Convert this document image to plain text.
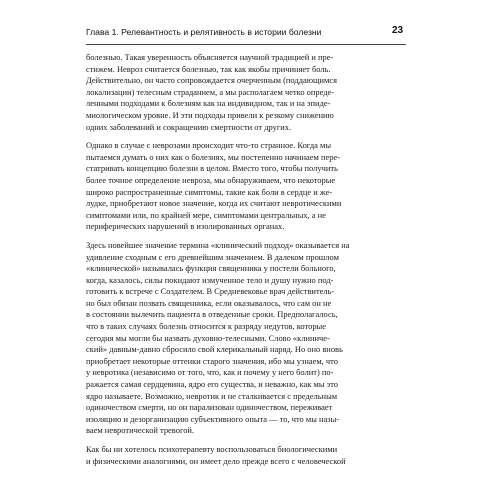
Глава 1. Релевантность и релятивность в истории болезни	23
болезнью. Такая уверенность объясняется научной традицией и пре-
стижем. Невроз считается болезнью, так как якобы причиняет боль.
Действительно, он часто сопровождается очерченным (поддающимся
локализации) телесным страданием, а мы располагаем четко опреде-
ленными подходами к болезням как на индивидном, так и на эпиде-
миологическом уровне. И эти подходы привели к резкому снижению
одних заболеваний и сокращению смертности от других.
Однако в случае с неврозами происходит что-то странное. Когда мы
пытаемся думать о них как о болезнях, мы постепенно начинаем пере-
статривать концепцию болезни в целом. Вместо того, чтобы получить
более точное определение невроза, мы обнаруживаем, что некоторые
широко распространенные симптомы, такие как боли в сердце и же-
лудке, приобретают новое значение, когда их считают невротическими
симптомами или, по крайней мере, симптомами центральных, а не
периферических нарушений в изолированных органах.
Здесь новейшее значение термина «клинический подход» оказывается на
удивление сходным с его древнейшим значением. В далеком прошлом
«клинической» называлась функция священника у постели больного,
когда, казалось, силы покидают измученное тело и душу нужно под-
готовить к встрече с Создателем. В Средневековье врач действитель-
но был обязан позвать священника, если оказывалось, что сам он не
в состоянии вылечить пациента в отведенные сроки. Предполагалось,
что в таких случаях болезнь относится к разряду недутов, которые
сегодня мы могли бы назвать духовно-телесными. Слово «клиниче-
ский» давным-давно сбросило свой клерикальный наряд. Но оно вновь
приобретает некоторые оттенки старого значения, ибо мы узнаем, что
у невротика (независимо от того, что, как и почему у него болит) по-
ражается самая сердцевина, ядро его существа, и неважно, как мы это
ядро называете. Возможно, невротик и не сталкивается с предельным
одиночеством смерти, но он парализован одиночеством, переживает
изоляцию и дезорганизацию субъективного опыта — то, что мы назы-
ваем невротической тревогой.
Как бы ни хотелось психотерапевту воспользоваться биологическими
и физическими аналогиями, он имеет дело прежде всего с человеческой
